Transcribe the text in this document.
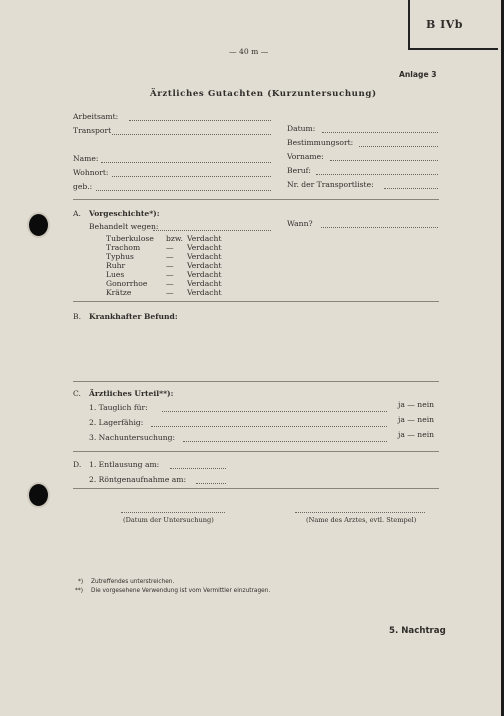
B IVb
— 40 m —
Anlage 3
Ärztliches Gutachten (Kurzuntersuchung)
Arbeitsamt:
Transport	Datum:
Bestimmungsort:
Name:	Vorname:
Wohnort:	Beruf:
geb.:	Nr. der Transportliste:
A. Vorgeschichte*):
Behandelt wegen:	Wann?
Tuberkulose bzw. Verdacht
Trachom	— Verdacht
Typhus	— Verdacht
Ruhr	— Verdacht
Lues	— Verdacht
Gonorrhoe — Verdacht
Krätze	— Verdacht
B. Krankhafter Befund:
C. Ärztliches Urteil**):
1. Tauglich für:	ja — nein
2. Lagerfähig:	ja — nein
3. Nachuntersuchung:	ja — nein
D. 1. Entlausung am:
2. Röntgenaufnahme am:
(Datum der Untersuchung)	(Name des Arztes, evtl. Stempel)
*) Zutreffendes unterstreichen.
**) Die vorgesehene Verwendung ist vom Vermittler einzutragen.
5. Nachtrag
